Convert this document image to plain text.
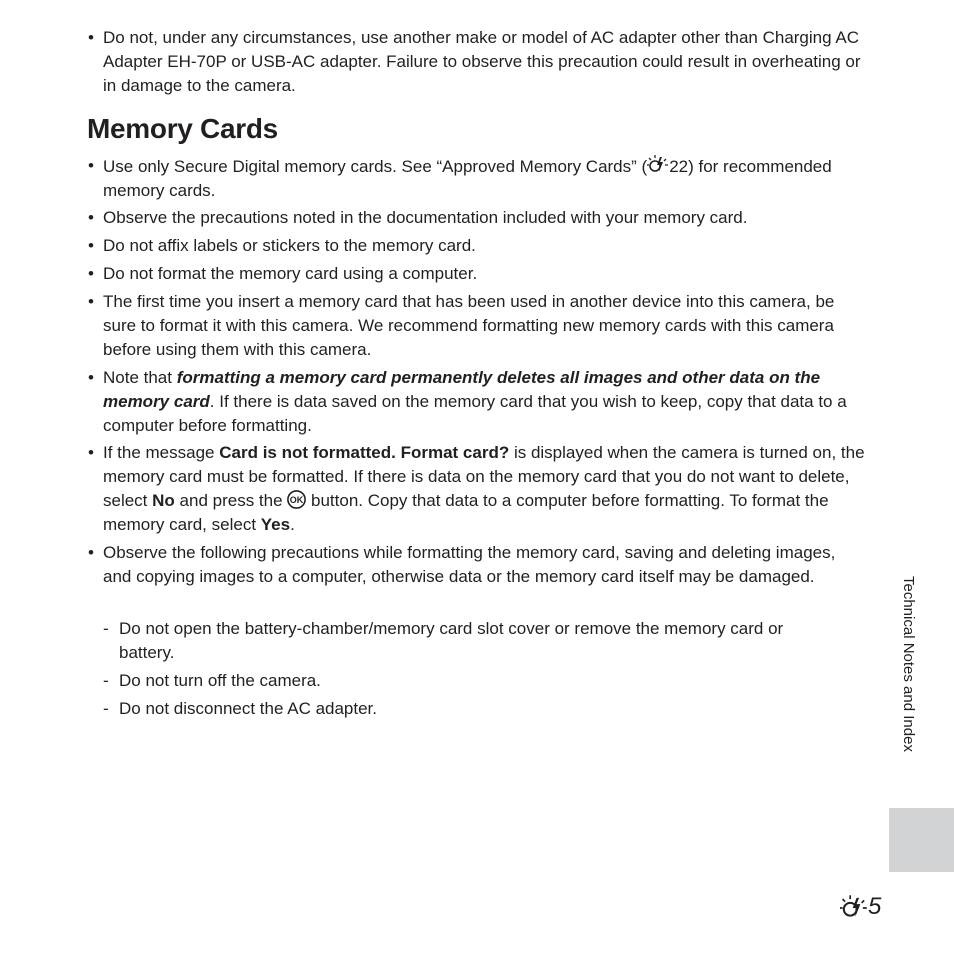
•
Do not, under any circumstances, use another make or model of AC adapter other than Charging AC Adapter EH-70P or USB-AC adapter. Failure to observe this precaution could result in overheating or in damage to the camera.
Memory Cards
•
Use only Secure Digital memory cards. See “Approved Memory Cards” ( 22) for recommended memory cards.
•
Observe the precautions noted in the documentation included with your memory card.
•
Do not affix labels or stickers to the memory card.
•
Do not format the memory card using a computer.
•
The first time you insert a memory card that has been used in another device into this camera, be sure to format it with this camera. We recommend formatting new memory cards with this camera before using them with this camera.
•
Note that formatting a memory card permanently deletes all images and other data on the memory card. If there is data saved on the memory card that you wish to keep, copy that data to a computer before formatting.
•
If the message Card is not formatted. Format card? is displayed when the camera is turned on, the memory card must be formatted. If there is data on the memory card that you do not want to delete, select No and press the OK button. Copy that data to a computer before formatting. To format the memory card, select Yes.
•
Observe the following precautions while formatting the memory card, saving and deleting images, and copying images to a computer, otherwise data or the memory card itself may be damaged.
- Do not open the battery-chamber/memory card slot cover or remove the memory card or battery.
- Do not turn off the camera.
- Do not disconnect the AC adapter.	Technical Notes and Index
5
